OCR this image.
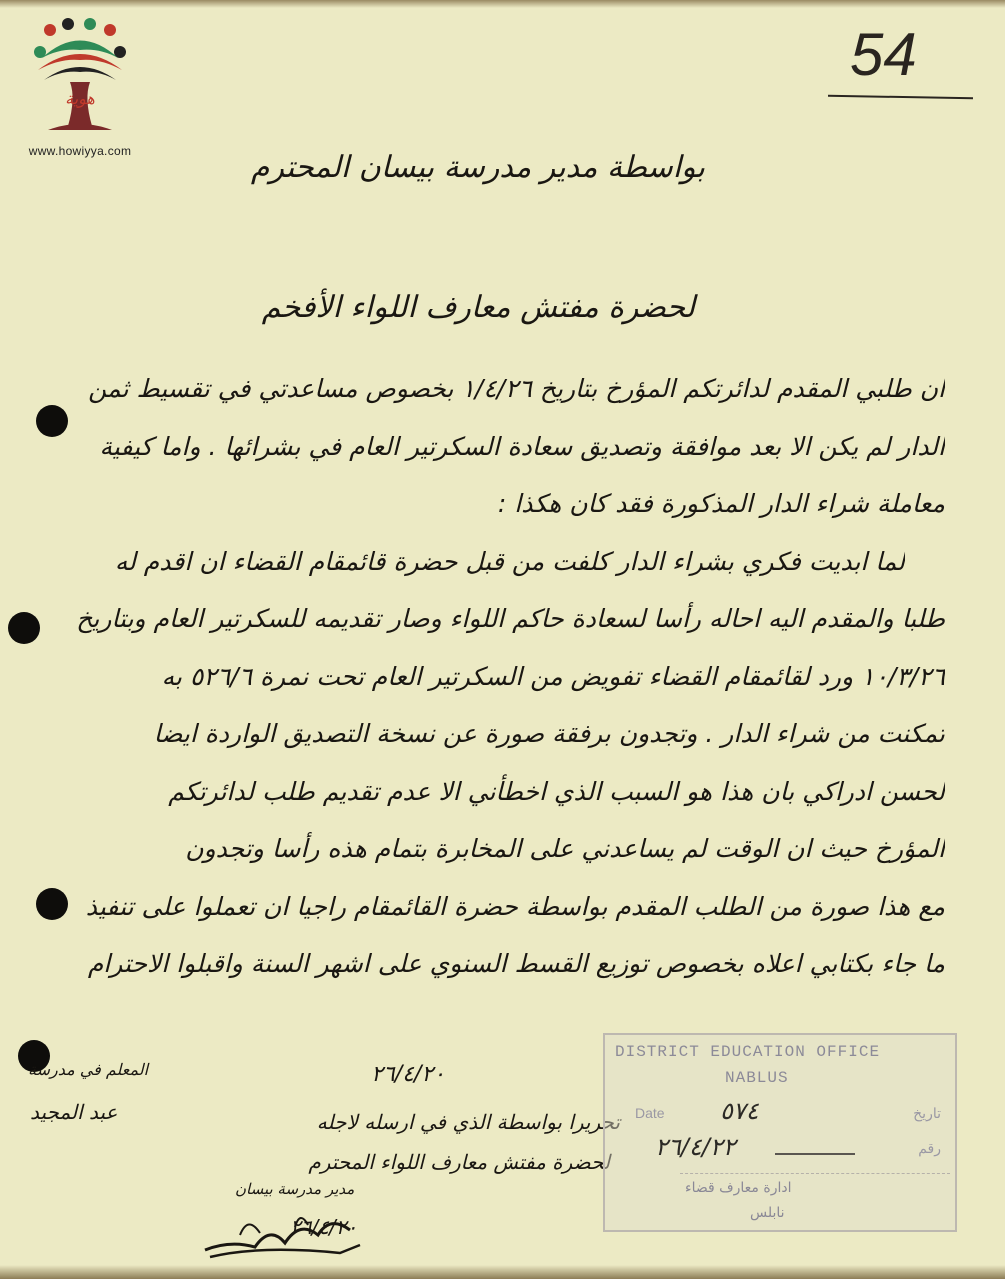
هوية
www.howiyya.com
54
بواسطة مدير مدرسة بيسان المحترم
لحضرة مفتش معارف اللواء الأفخم
ان طلبي المقدم لدائرتكم المؤرخ بتاريخ ١/٤/٢٦ بخصوص مساعدتي في تقسيط ثمن
الدار لم يكن الا بعد موافقة وتصديق سعادة السكرتير العام في بشرائها . واما كيفية
معاملة شراء الدار المذكورة فقد كان هكذا :
لما ابديت فكري بشراء الدار كلفت من قبل حضرة قائمقام القضاء ان اقدم له
طلبا والمقدم اليه احاله رأسا لسعادة حاكم اللواء وصار تقديمه للسكرتير العام وبتاريخ
١٠/٣/٢٦ ورد لقائمقام القضاء تفويض من السكرتير العام تحت نمرة ٥٢٦/٦ به
تمكنت من شراء الدار . وتجدون برفقة صورة عن نسخة التصديق الواردة ايضا
لحسن ادراكي بان هذا هو السبب الذي اخطأني الا عدم تقديم طلب لدائرتكم
المؤرخ حيث ان الوقت لم يساعدني على المخابرة بتمام هذه رأسا وتجدون
مع هذا صورة من الطلب المقدم بواسطة حضرة القائمقام راجيا ان تعملوا على تنفيذ
ما جاء بكتابي اعلاه بخصوص توزيع القسط السنوي على اشهر السنة واقبلوا الاحترام
٢٦/٤/٢٠
تحريرا بواسطة الذي في ارسله لاجله
لحضرة مفتش معارف اللواء المحترم
المعلم في مدرسة
عبد المجيد
مدير مدرسة بيسان
٢٦/٤/٢٠
DISTRICT EDUCATION OFFICE
NABLUS
Date	تاريخ
رقم
٥٧٤
٢٦/٤/٢٢
ادارة معارف قضاء
نابلس
